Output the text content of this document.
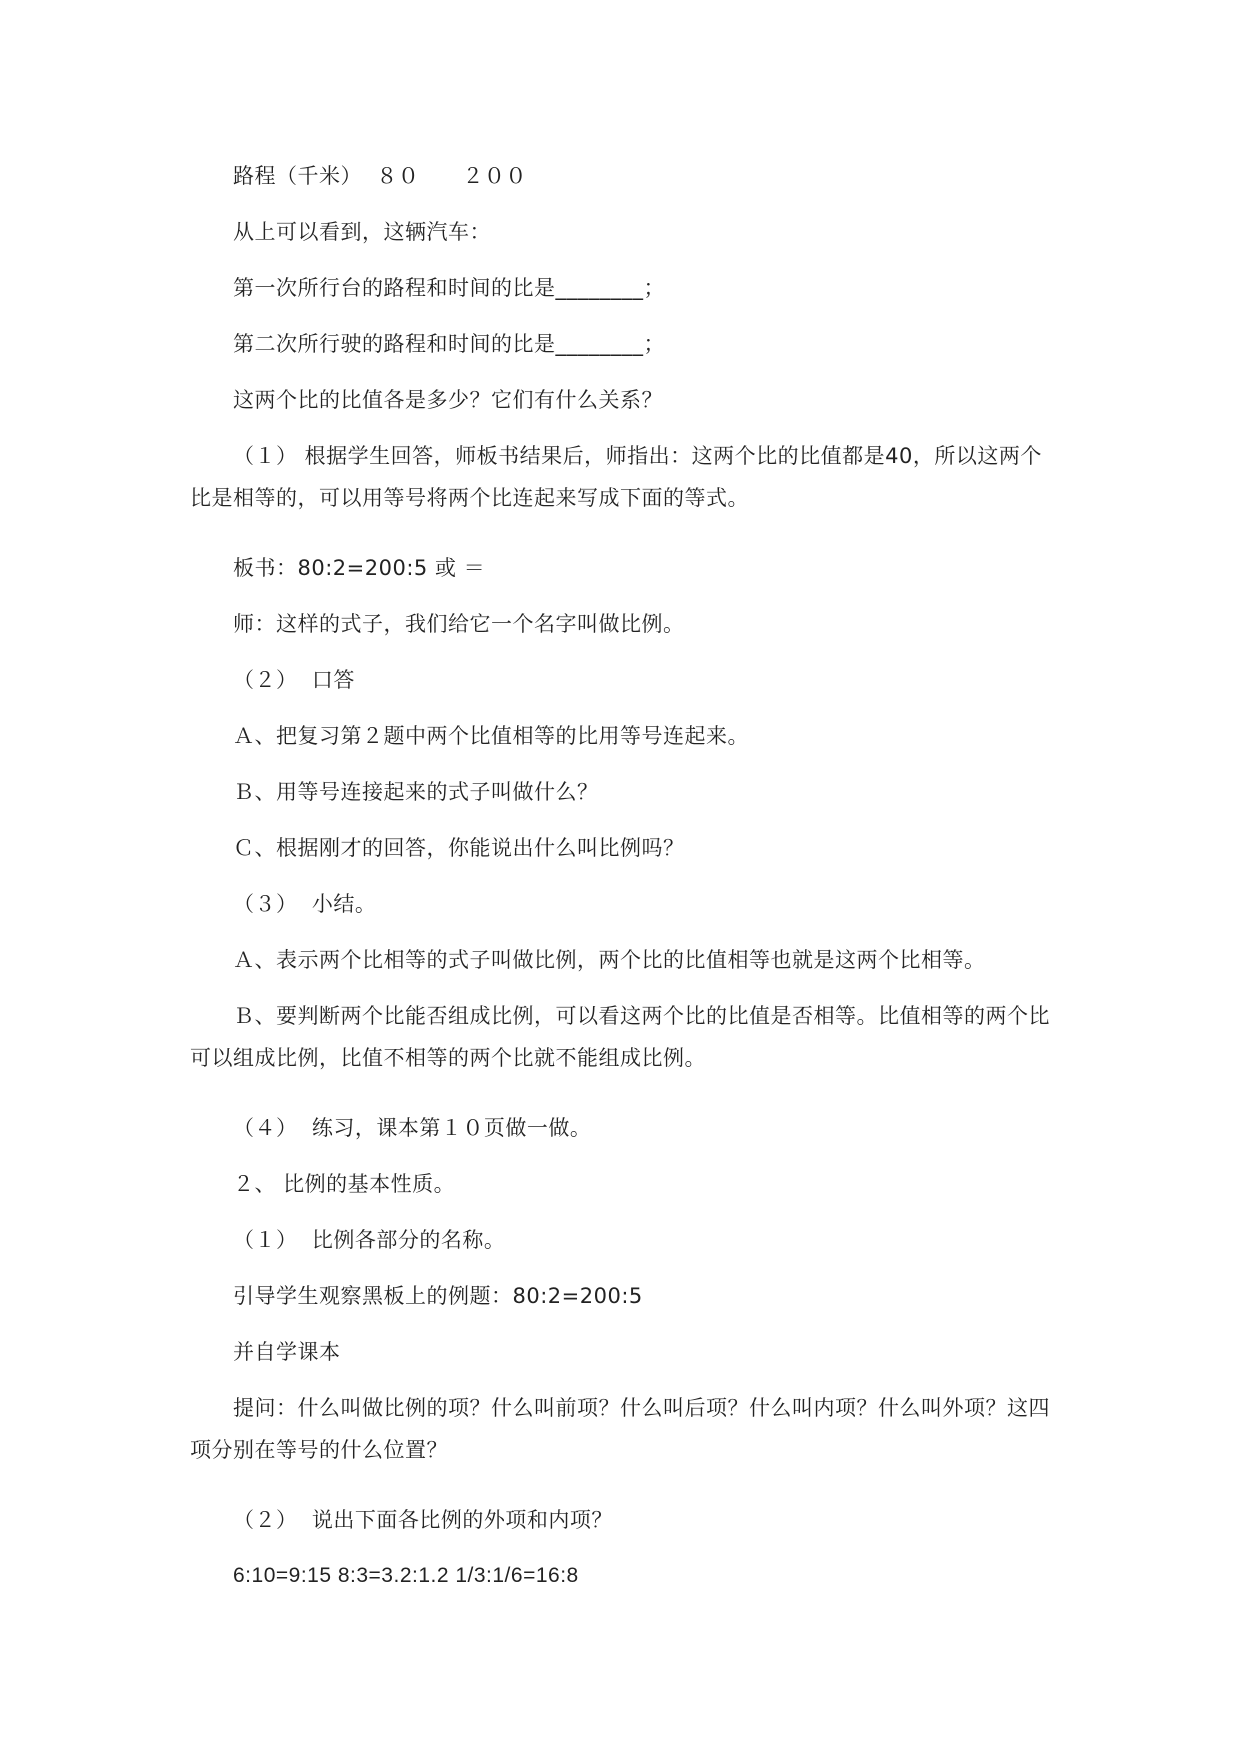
路程（千米）  ８０      ２００
从上可以看到，这辆汽车：
第一次所行台的路程和时间的比是________；
第二次所行驶的路程和时间的比是________；
这两个比的比值各是多少？它们有什么关系？
（１） 根据学生回答，师板书结果后，师指出：这两个比的比值都是40，所以这两个比是相等的，可以用等号将两个比连起来写成下面的等式。
板书：80:2=200:5 或 ＝
师：这样的式子，我们给它一个名字叫做比例。
（２）  口答
Ａ、把复习第２题中两个比值相等的比用等号连起来。
Ｂ、用等号连接起来的式子叫做什么？
Ｃ、根据刚才的回答，你能说出什么叫比例吗？
（３）  小结。
Ａ、表示两个比相等的式子叫做比例，两个比的比值相等也就是这两个比相等。
Ｂ、要判断两个比能否组成比例，可以看这两个比的比值是否相等。比值相等的两个比可以组成比例，比值不相等的两个比就不能组成比例。
（４）  练习，课本第１０页做一做。
２、 比例的基本性质。
（１）  比例各部分的名称。
引导学生观察黑板上的例题：80:2=200:5
并自学课本
提问：什么叫做比例的项？什么叫前项？什么叫后项？什么叫内项？什么叫外项？这四项分别在等号的什么位置？
（２）  说出下面各比例的外项和内项？
6:10=9:15 8:3=3.2:1.2 1/3:1/6=16:8
